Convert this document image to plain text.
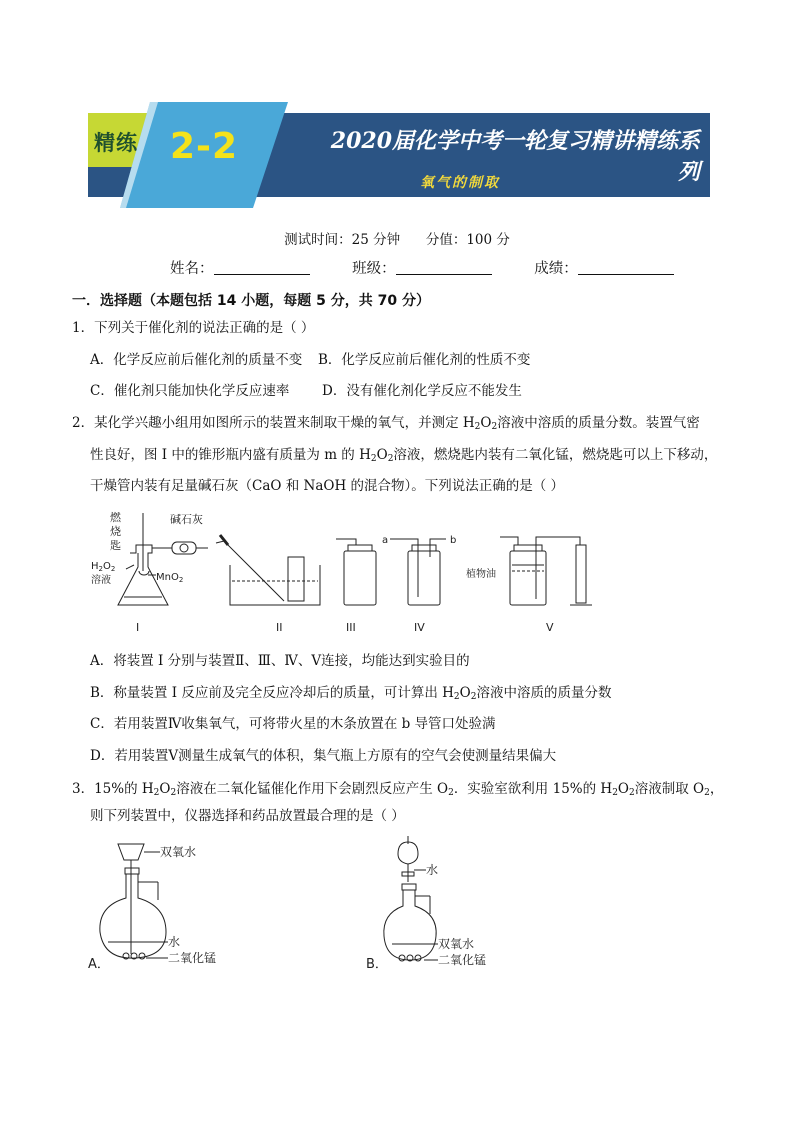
精练 2-2	2020届化学中考一轮复习精讲精练系列
氧气的制取
测试时间：25 分钟      分值：100 分
姓名：	班级：	成绩：
一．选择题（本题包括 14 小题，每题 5 分，共 70 分）
1．下列关于催化剂的说法正确的是（ ）
A．化学反应前后催化剂的质量不变 B．化学反应前后催化剂的性质不变
C．催化剂只能加快化学反应速率 D．没有催化剂化学反应不能发生
2．某化学兴趣小组用如图所示的装置来制取干燥的氧气，并测定 $H_2O_2$溶液中溶质的质量分数。装置气密
性良好，图 I 中的锥形瓶内盛有质量为 m 的 $H_2O_2$溶液，燃烧匙内装有二氧化锰，燃烧匙可以上下移动，
干燥管内装有足量碱石灰（CaO 和 NaOH 的混合物）。下列说法正确的是（ ）
燃
烧
匙
$H_2O_2$
溶液	MnO$_2$
碱石灰
I	II	III
a	b
IV
植物油
V
A．将装置 I 分别与装置Ⅱ、Ⅲ、Ⅳ、Ⅴ连接，均能达到实验目的
B．称量装置 I 反应前及完全反应冷却后的质量，可计算出 $H_2O_2$溶液中溶质的质量分数
C．若用装置Ⅳ收集氧气，可将带火星的木条放置在 b 导管口处验满
D．若用装置Ⅴ测量生成氧气的体积，集气瓶上方原有的空气会使测量结果偏大
3．15%的 $H_2O_2$溶液在二氧化锰催化作用下会剧烈反应产生 $O_2$．实验室欲利用 15%的 $H_2O_2$溶液制取 $O_2$，
则下列装置中，仪器选择和药品放置最合理的是（ ）
双氧水
水
二氧化锰
A．
水
双氧水
二氧化锰
B．
